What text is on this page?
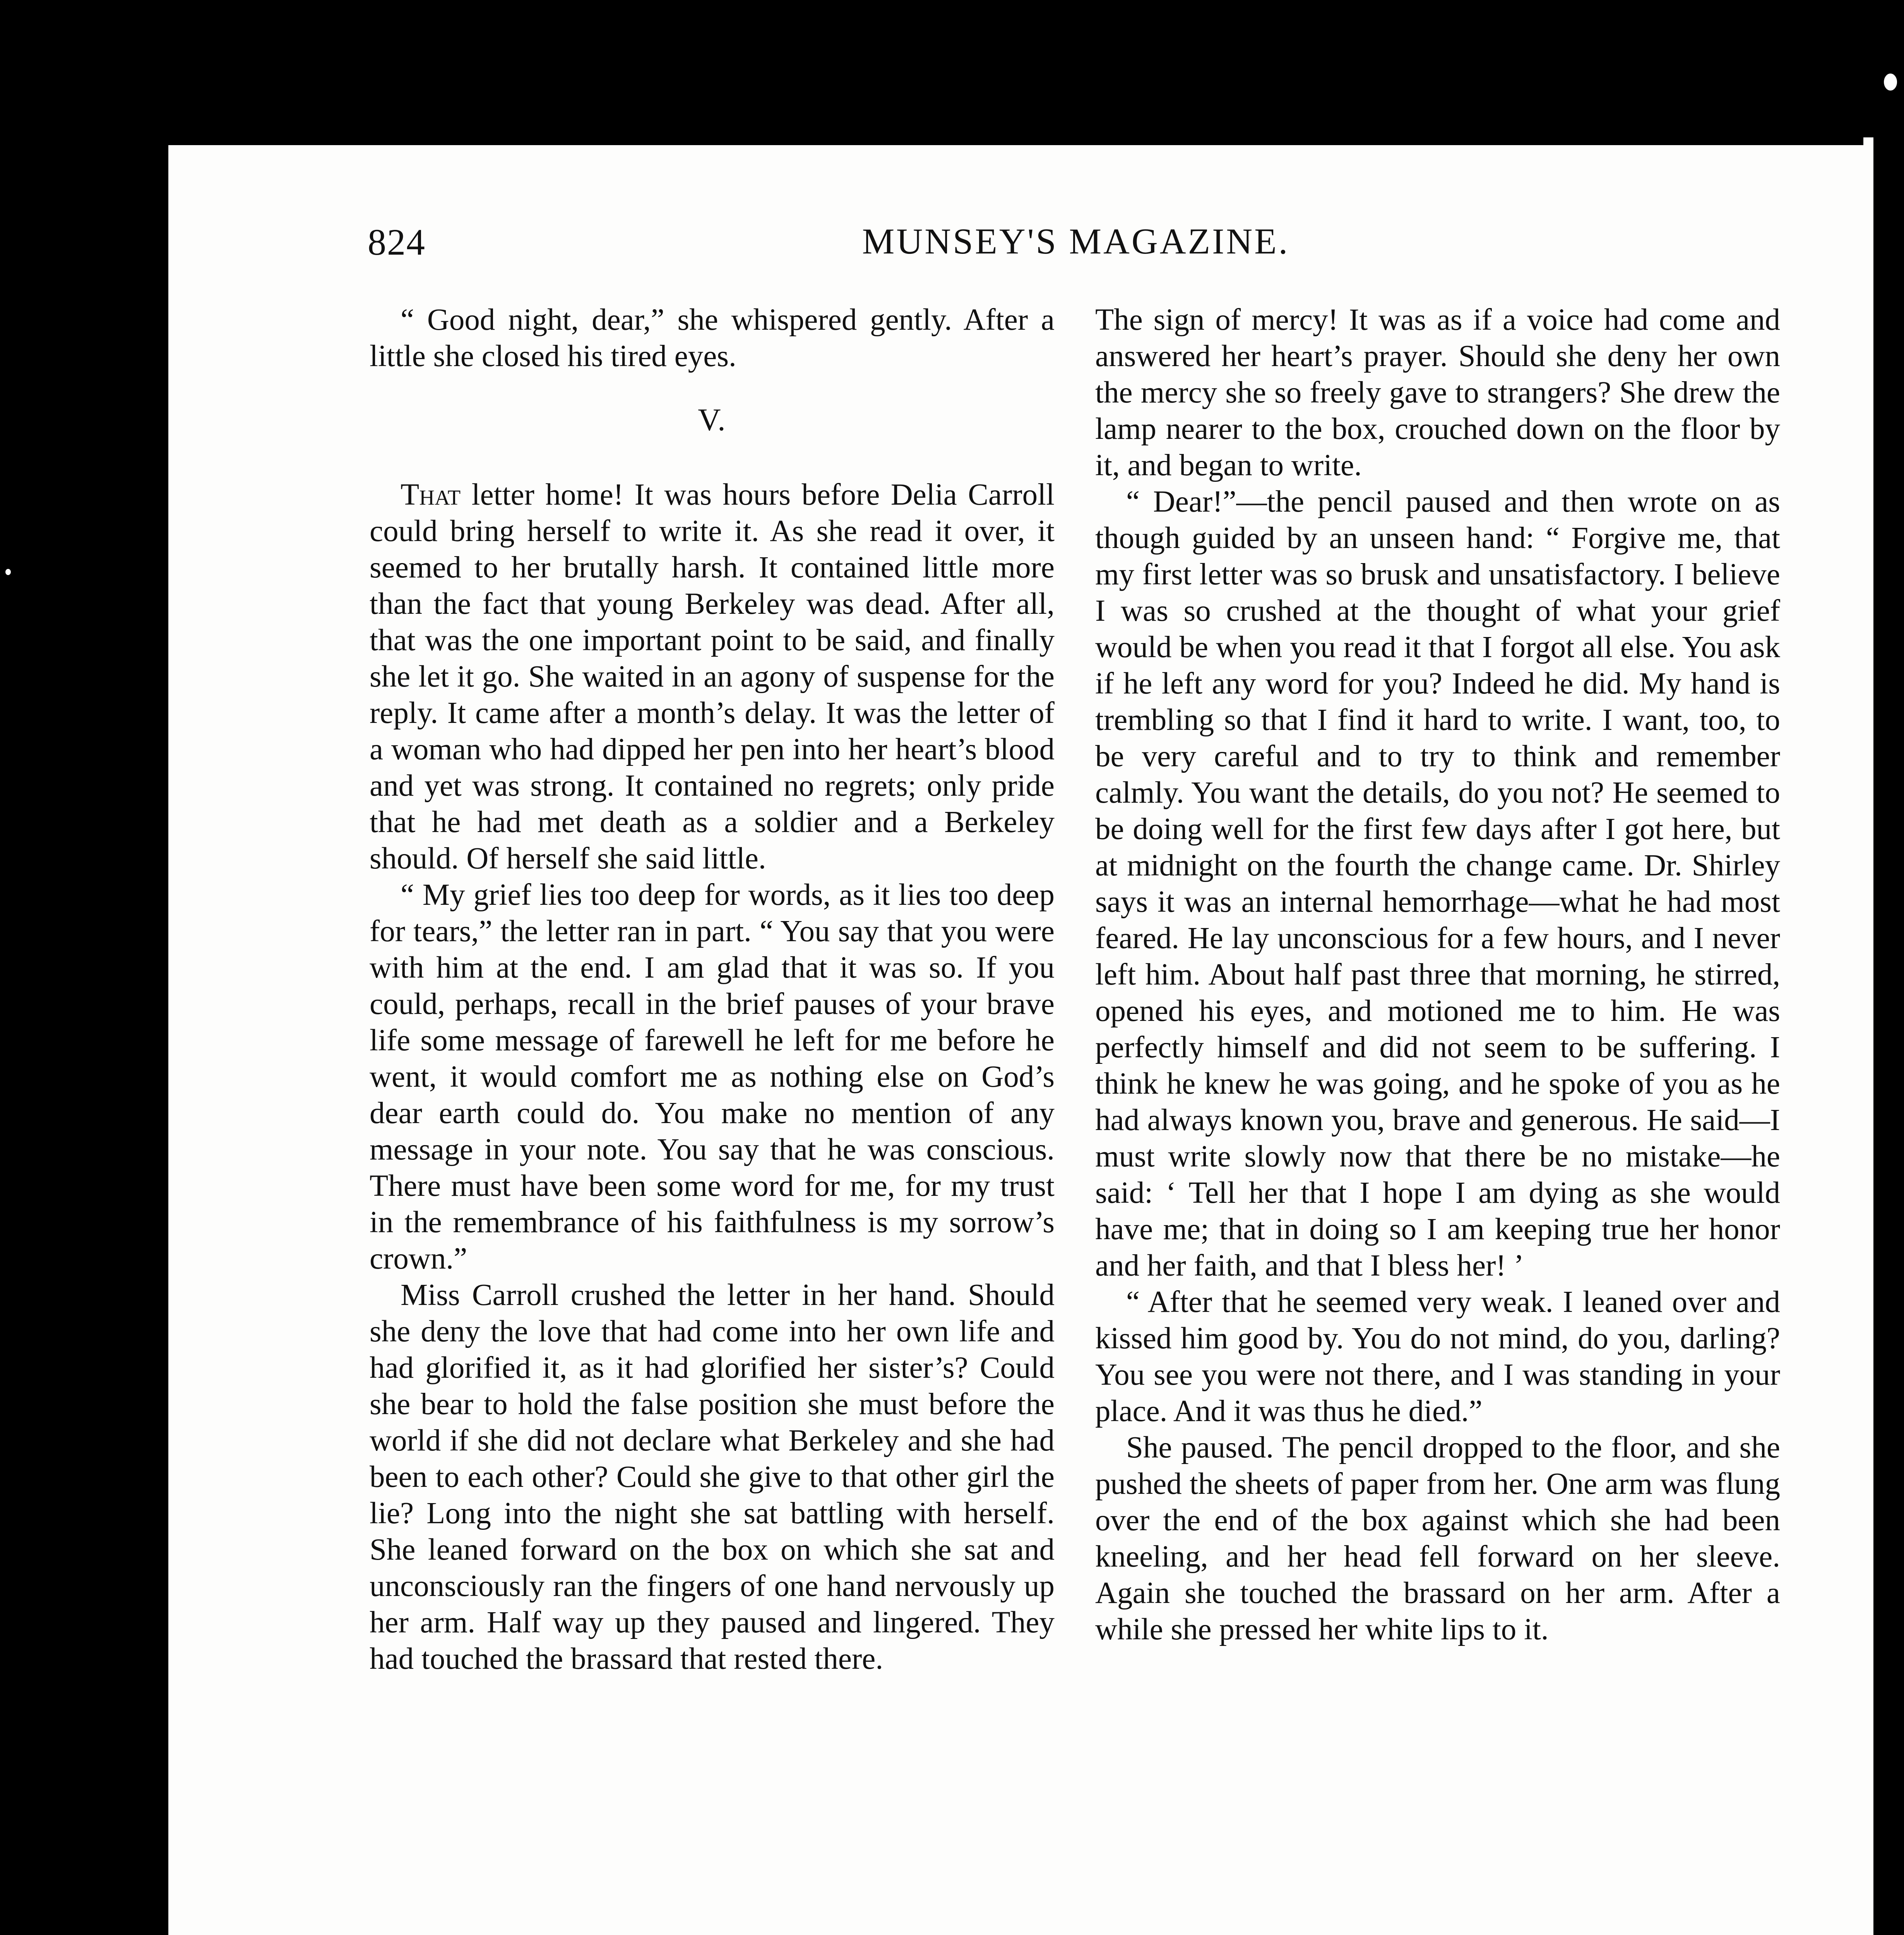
824	MUNSEY'S MAGAZINE.

“ Good night, dear,” she whispered gently. After a little she closed his tired eyes.

V.

That letter home! It was hours before Delia Carroll could bring herself to write it. As she read it over, it seemed to her brutally harsh. It contained little more than the fact that young Berkeley was dead. After all, that was the one important point to be said, and finally she let it go. She waited in an agony of suspense for the reply. It came after a month’s delay. It was the letter of a woman who had dipped her pen into her heart’s blood and yet was strong. It contained no regrets; only pride that he had met death as a soldier and a Berkeley should. Of herself she said little.

“ My grief lies too deep for words, as it lies too deep for tears,” the letter ran in part. “ You say that you were with him at the end. I am glad that it was so. If you could, perhaps, recall in the brief pauses of your brave life some message of farewell he left for me before he went, it would comfort me as nothing else on God’s dear earth could do. You make no mention of any message in your note. You say that he was conscious. There must have been some word for me, for my trust in the remembrance of his faithfulness is my sorrow’s crown.”

Miss Carroll crushed the letter in her hand. Should she deny the love that had come into her own life and had glorified it, as it had glorified her sister’s? Could she bear to hold the false position she must before the world if she did not declare what Berkeley and she had been to each other? Could she give to that other girl the lie? Long into the night she sat battling with herself. She leaned forward on the box on which she sat and unconsciously ran the fingers of one hand nervously up her arm. Half way up they paused and lingered. They had touched the brassard that rested there.

The sign of mercy! It was as if a voice had come and answered her heart’s prayer. Should she deny her own the mercy she so freely gave to strangers? She drew the lamp nearer to the box, crouched down on the floor by it, and began to write.

“ Dear!”—the pencil paused and then wrote on as though guided by an unseen hand: “ Forgive me, that my first letter was so brusk and unsatisfactory. I believe I was so crushed at the thought of what your grief would be when you read it that I forgot all else. You ask if he left any word for you? Indeed he did. My hand is trembling so that I find it hard to write. I want, too, to be very careful and to try to think and remember calmly. You want the details, do you not? He seemed to be doing well for the first few days after I got here, but at midnight on the fourth the change came. Dr. Shirley says it was an internal hemorrhage—what he had most feared. He lay unconscious for a few hours, and I never left him. About half past three that morning, he stirred, opened his eyes, and motioned me to him. He was perfectly himself and did not seem to be suffering. I think he knew he was going, and he spoke of you as he had always known you, brave and generous. He said—I must write slowly now that there be no mistake—he said: ‘ Tell her that I hope I am dying as she would have me; that in doing so I am keeping true her honor and her faith, and that I bless her! ’

“ After that he seemed very weak. I leaned over and kissed him good by. You do not mind, do you, darling? You see you were not there, and I was standing in your place. And it was thus he died.”

She paused. The pencil dropped to the floor, and she pushed the sheets of paper from her. One arm was flung over the end of the box against which she had been kneeling, and her head fell forward on her sleeve. Again she touched the brassard on her arm. After a while she pressed her white lips to it.
